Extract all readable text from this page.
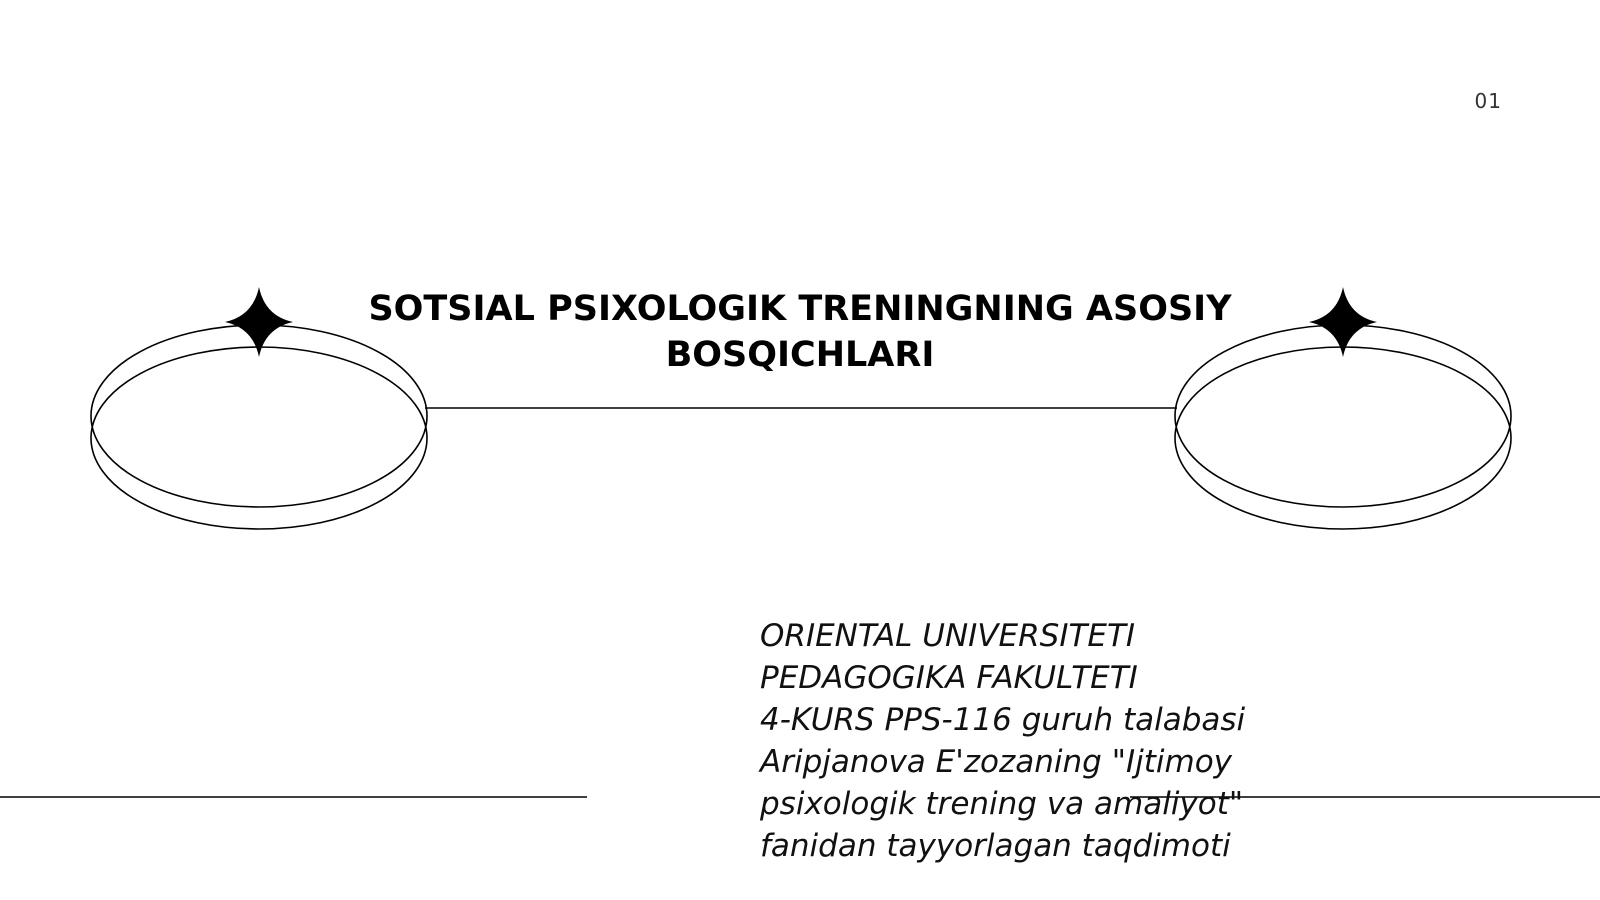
01
SOTSIAL PSIXOLOGIK TRENINGNING ASOSIY
BOSQICHLARI
ORIENTAL UNIVERSITETI
PEDAGOGIKA FAKULTETI
4-KURS PPS-116 guruh talabasi
Aripjanova E'zozaning "Ijtimoy
psixologik trening va amaliyot"
fanidan tayyorlagan taqdimoti
